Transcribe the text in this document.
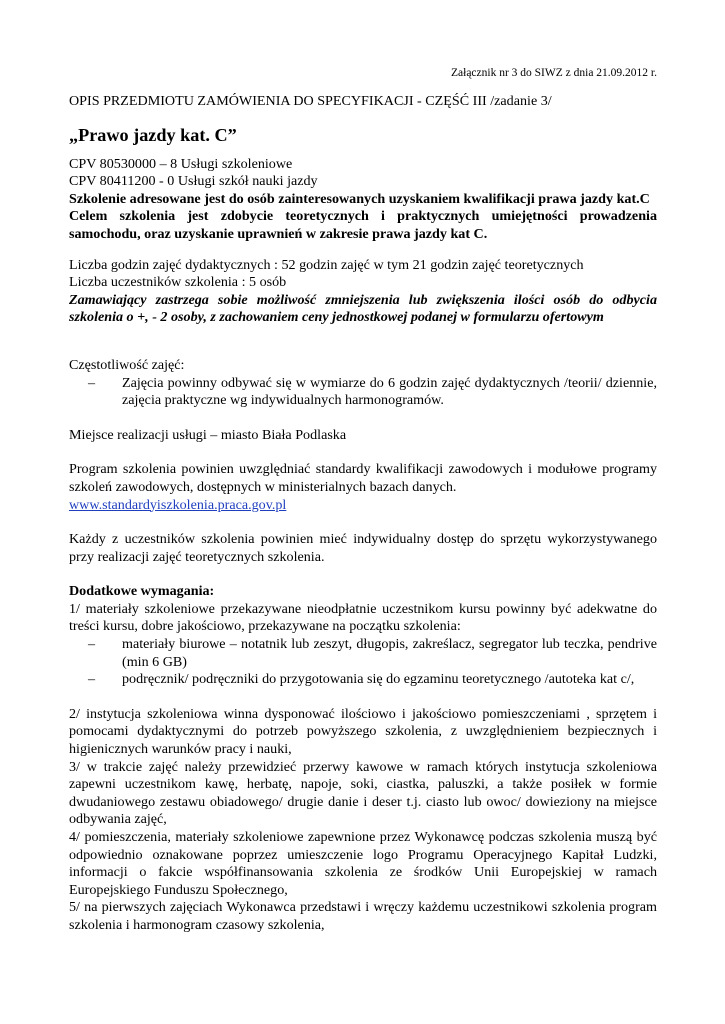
Załącznik nr 3 do SIWZ z dnia 21.09.2012 r.

OPIS PRZEDMIOTU ZAMÓWIENIA DO SPECYFIKACJI - CZĘŚĆ III /zadanie 3/

„Prawo jazdy kat. C”

CPV 80530000 – 8 Usługi szkoleniowe

CPV 80411200 - 0 Usługi szkół nauki jazdy

Szkolenie adresowane jest do osób zainteresowanych uzyskaniem kwalifikacji prawa jazdy kat.C

Celem szkolenia jest zdobycie teoretycznych i praktycznych umiejętności prowadzenia samochodu, oraz uzyskanie uprawnień w zakresie prawa jazdy kat C.

Liczba godzin zajęć dydaktycznych : 52 godzin zajęć w tym 21 godzin zajęć teoretycznych

Liczba uczestników szkolenia : 5 osób

Zamawiający zastrzega sobie możliwość zmniejszenia lub zwiększenia ilości osób do odbycia szkolenia o +, - 2 osoby, z zachowaniem ceny jednostkowej podanej w formularzu ofertowym

Częstotliwość zajęć:

– Zajęcia powinny odbywać się w wymiarze do 6 godzin zajęć dydaktycznych /teorii/ dziennie, zajęcia praktyczne wg indywidualnych harmonogramów.

Miejsce realizacji usługi – miasto Biała Podlaska

Program szkolenia powinien uwzględniać standardy kwalifikacji zawodowych i modułowe programy szkoleń zawodowych, dostępnych w ministerialnych bazach danych.

www.standardyiszkolenia.praca.gov.pl

Każdy z uczestników szkolenia powinien mieć indywidualny dostęp do sprzętu wykorzystywanego przy realizacji zajęć teoretycznych szkolenia.

Dodatkowe wymagania:

1/ materiały szkoleniowe przekazywane nieodpłatnie uczestnikom kursu powinny być adekwatne do treści kursu, dobre jakościowo, przekazywane na początku szkolenia:

– materiały biurowe – notatnik lub zeszyt, długopis, zakreślacz, segregator lub teczka, pendrive (min 6 GB)
– podręcznik/ podręczniki do przygotowania się do egzaminu teoretycznego /autoteka kat c/,

2/ instytucja szkoleniowa winna dysponować ilościowo i jakościowo pomieszczeniami , sprzętem i pomocami dydaktycznymi do potrzeb powyższego szkolenia, z uwzględnieniem bezpiecznych i higienicznych warunków pracy i nauki,

3/ w trakcie zajęć należy przewidzieć przerwy kawowe w ramach których instytucja szkoleniowa zapewni uczestnikom kawę, herbatę, napoje, soki, ciastka, paluszki, a także posiłek w formie dwudaniowego zestawu obiadowego/ drugie danie i deser t.j. ciasto lub owoc/ dowieziony na miejsce odbywania zajęć,

4/ pomieszczenia, materiały szkoleniowe zapewnione przez Wykonawcę podczas szkolenia muszą być odpowiednio oznakowane poprzez umieszczenie logo Programu Operacyjnego Kapitał Ludzki, informacji o fakcie współfinansowania szkolenia ze środków Unii Europejskiej w ramach Europejskiego Funduszu Społecznego,

5/ na pierwszych zajęciach Wykonawca przedstawi i wręczy każdemu uczestnikowi szkolenia program szkolenia i harmonogram czasowy szkolenia,
